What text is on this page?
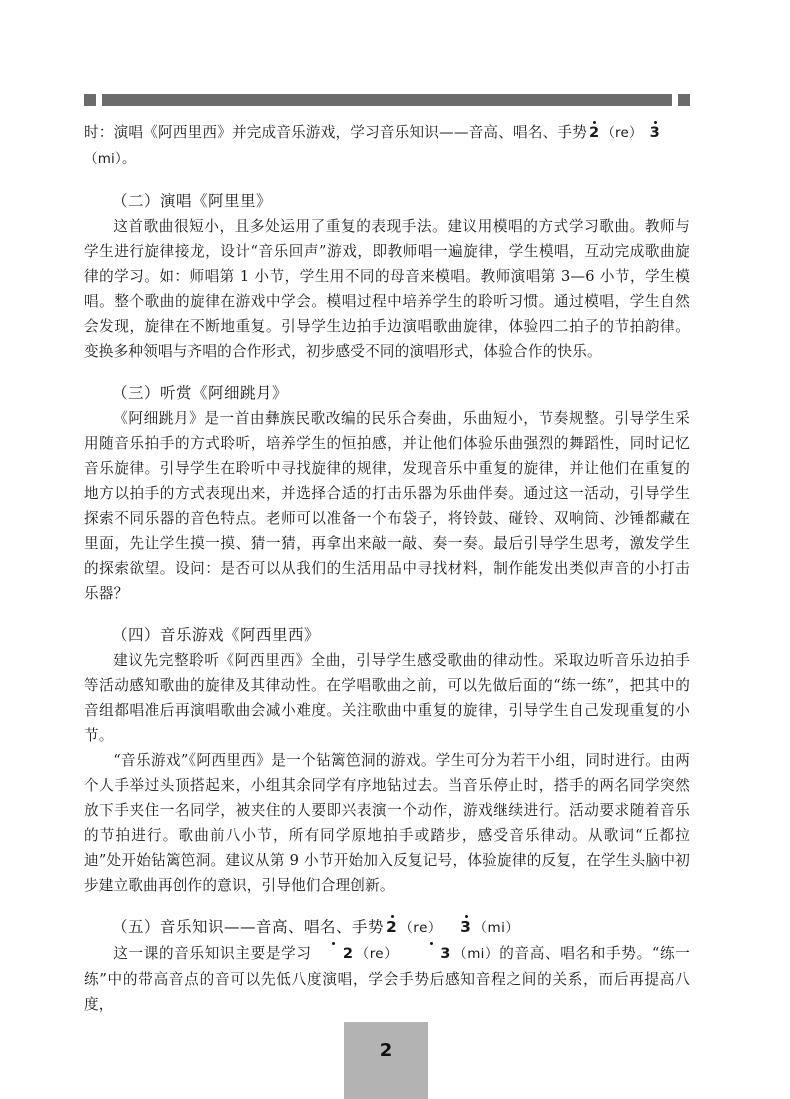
时：演唱《阿西里西》并完成音乐游戏，学习音乐知识——音高、唱名、手势 2 （re） 3
（mi）。

（二）演唱《阿里里》

这首歌曲很短小，且多处运用了重复的表现手法。建议用模唱的方式学习歌曲。教师与学生进行旋律接龙，设计“音乐回声”游戏，即教师唱一遍旋律，学生模唱，互动完成歌曲旋律的学习。如：师唱第 1 小节，学生用不同的母音来模唱。教师演唱第 3—6 小节，学生模唱。整个歌曲的旋律在游戏中学会。模唱过程中培养学生的聆听习惯。通过模唱，学生自然会发现，旋律在不断地重复。引导学生边拍手边演唱歌曲旋律，体验四二拍子的节拍韵律。变换多种领唱与齐唱的合作形式，初步感受不同的演唱形式，体验合作的快乐。

（三）听赏《阿细跳月》

《阿细跳月》是一首由彝族民歌改编的民乐合奏曲，乐曲短小，节奏规整。引导学生采用随音乐拍手的方式聆听，培养学生的恒拍感，并让他们体验乐曲强烈的舞蹈性，同时记忆音乐旋律。引导学生在聆听中寻找旋律的规律，发现音乐中重复的旋律，并让他们在重复的地方以拍手的方式表现出来，并选择合适的打击乐器为乐曲伴奏。通过这一活动，引导学生探索不同乐器的音色特点。老师可以准备一个布袋子，将铃鼓、碰铃、双响筒、沙锤都藏在里面，先让学生摸一摸、猜一猜，再拿出来敲一敲、奏一奏。最后引导学生思考，激发学生的探索欲望。设问：是否可以从我们的生活用品中寻找材料，制作能发出类似声音的小打击乐器？

（四）音乐游戏《阿西里西》

建议先完整聆听《阿西里西》全曲，引导学生感受歌曲的律动性。采取边听音乐边拍手等活动感知歌曲的旋律及其律动性。在学唱歌曲之前，可以先做后面的“练一练”，把其中的音组都唱准后再演唱歌曲会减小难度。关注歌曲中重复的旋律，引导学生自己发现重复的小节。

“音乐游戏”《阿西里西》是一个钻篱笆洞的游戏。学生可分为若干小组，同时进行。由两个人手举过头顶搭起来，小组其余同学有序地钻过去。当音乐停止时，搭手的两名同学突然放下手夹住一名同学，被夹住的人要即兴表演一个动作，游戏继续进行。活动要求随着音乐的节拍进行。歌曲前八小节，所有同学原地拍手或踏步，感受音乐律动。从歌词“丘都拉迪”处开始钻篱笆洞。建议从第 9 小节开始加入反复记号，体验旋律的反复，在学生头脑中初步建立歌曲再创作的意识，引导他们合理创新。

（五）音乐知识——音高、唱名、手势 2 （re） 3 （mi）

这一课的音乐知识主要是学习 2 （re）	3 （mi）的音高、唱名和手势。“练一练”中的带高音点的音可以先低八度演唱，学会手势后感知音程之间的关系，而后再提高八度，

2
